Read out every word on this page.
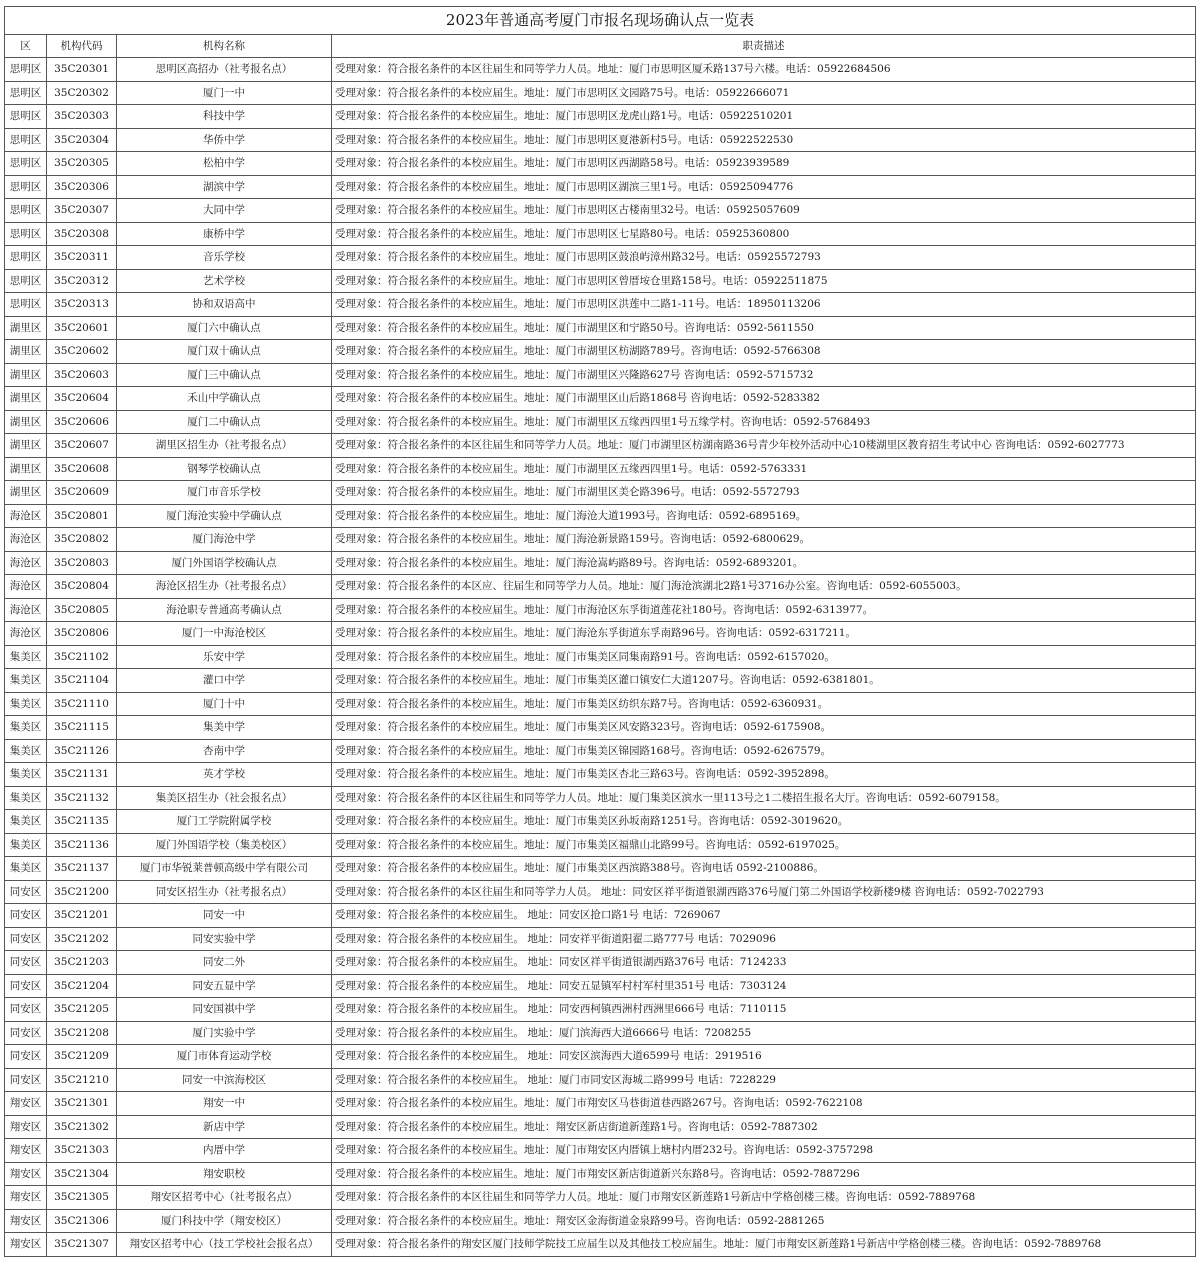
2023年普通高考厦门市报名现场确认点一览表			
区	机构代码	机构名称	职责描述
思明区	35C20301	思明区高招办（社考报名点）	受理对象：符合报名条件的本区往届生和同等学力人员。地址：厦门市思明区厦禾路137号六楼。电话：05922684506
思明区	35C20302	厦门一中	受理对象：符合报名条件的本校应届生。地址：厦门市思明区文园路75号。电话：05922666071
思明区	35C20303	科技中学	受理对象：符合报名条件的本校应届生。地址：厦门市思明区龙虎山路1号。电话：05922510201
思明区	35C20304	华侨中学	受理对象：符合报名条件的本校应届生。地址：厦门市思明区夏港新村5号。电话：05922522530
思明区	35C20305	松柏中学	受理对象：符合报名条件的本校应届生。地址：厦门市思明区西湖路58号。电话：05923939589
思明区	35C20306	湖滨中学	受理对象：符合报名条件的本校应届生。地址：厦门市思明区湖滨三里1号。电话：05925094776
思明区	35C20307	大同中学	受理对象：符合报名条件的本校应届生。地址：厦门市思明区古楼南里32号。电话：05925057609
思明区	35C20308	康桥中学	受理对象：符合报名条件的本校应届生。地址：厦门市思明区七星路80号。电话：05925360800
思明区	35C20311	音乐学校	受理对象：符合报名条件的本校应届生。地址：厦门市思明区鼓浪屿漳州路32号。电话：05925572793
思明区	35C20312	艺术学校	受理对象：符合报名条件的本校应届生。地址：厦门市思明区曾厝垵仓里路158号。电话：05922511875
思明区	35C20313	协和双语高中	受理对象：符合报名条件的本校应届生。地址：厦门市思明区洪莲中二路1-11号。电话：18950113206
湖里区	35C20601	厦门六中确认点	受理对象：符合报名条件的本校应届生。地址：厦门市湖里区和宁路50号。咨询电话：0592-5611550
湖里区	35C20602	厦门双十确认点	受理对象：符合报名条件的本校应届生。地址：厦门市湖里区枋湖路789号。咨询电话：0592-5766308
湖里区	35C20603	厦门三中确认点	受理对象：符合报名条件的本校应届生。地址：厦门市湖里区兴隆路627号 咨询电话：0592-5715732
湖里区	35C20604	禾山中学确认点	受理对象：符合报名条件的本校应届生。地址：厦门市湖里区山后路1868号 咨询电话：0592-5283382
湖里区	35C20606	厦门二中确认点	受理对象：符合报名条件的本校应届生。地址：厦门市湖里区五缘西四里1号五缘学村。咨询电话：0592-5768493
湖里区	35C20607	湖里区招生办（社考报名点）	受理对象：符合报名条件的本区往届生和同等学力人员。地址：厦门市湖里区枋湖南路36号青少年校外活动中心10楼湖里区教育招生考试中心 咨询电话：0592-6027773
湖里区	35C20608	钢琴学校确认点	受理对象：符合报名条件的本校应届生。地址：厦门市湖里区五缘西四里1号。电话：0592-5763331
湖里区	35C20609	厦门市音乐学校	受理对象：符合报名条件的本校应届生。地址：厦门市湖里区美仑路396号。电话：0592-5572793
海沧区	35C20801	厦门海沧实验中学确认点	受理对象：符合报名条件的本校应届生。地址：厦门海沧大道1993号。咨询电话：0592-6895169。
海沧区	35C20802	厦门海沧中学	受理对象：符合报名条件的本校应届生。地址：厦门海沧新景路159号。咨询电话：0592-6800629。
海沧区	35C20803	厦门外国语学校确认点	受理对象：符合报名条件的本校应届生。地址：厦门海沧嵩屿路89号。咨询电话：0592-6893201。
海沧区	35C20804	海沧区招生办（社考报名点）	受理对象：符合报名条件的本区应、往届生和同等学力人员。地址：厦门海沧滨湖北2路1号3716办公室。咨询电话：0592-6055003。
海沧区	35C20805	海沧职专普通高考确认点	受理对象：符合报名条件的本校应届生。地址：厦门市海沧区东孚街道莲花社180号。咨询电话：0592-6313977。
海沧区	35C20806	厦门一中海沧校区	受理对象：符合报名条件的本校应届生。地址：厦门海沧东孚街道东孚南路96号。咨询电话：0592-6317211。
集美区	35C21102	乐安中学	受理对象：符合报名条件的本校应届生。地址：厦门市集美区同集南路91号。咨询电话：0592-6157020。
集美区	35C21104	灌口中学	受理对象：符合报名条件的本校应届生。地址：厦门市集美区灌口镇安仁大道1207号。咨询电话：0592-6381801。
集美区	35C21110	厦门十中	受理对象：符合报名条件的本校应届生。地址：厦门市集美区纺织东路7号。咨询电话：0592-6360931。
集美区	35C21115	集美中学	受理对象：符合报名条件的本校应届生。地址：厦门市集美区风安路323号。咨询电话：0592-6175908。
集美区	35C21126	杏南中学	受理对象：符合报名条件的本校应届生。地址：厦门市集美区锦园路168号。咨询电话：0592-6267579。
集美区	35C21131	英才学校	受理对象：符合报名条件的本校应届生。地址：厦门市集美区杏北三路63号。咨询电话：0592-3952898。
集美区	35C21132	集美区招生办（社会报名点）	受理对象：符合报名条件的本区往届生和同等学力人员。地址：厦门集美区滨水一里113号之1二楼招生报名大厅。咨询电话：0592-6079158。
集美区	35C21135	厦门工学院附属学校	受理对象：符合报名条件的本校应届生。地址：厦门市集美区孙坂南路1251号。咨询电话：0592-3019620。
集美区	35C21136	厦门外国语学校（集美校区）	受理对象：符合报名条件的本校应届生。地址：厦门市集美区福鼎山北路99号。咨询电话：0592-6197025。
集美区	35C21137	厦门市华锐莱普顿高级中学有限公司	受理对象：符合报名条件的本校应届生。地址：厦门市集美区西滨路388号。咨询电话 0592-2100886。
同安区	35C21200	同安区招生办（社考报名点）	受理对象：符合报名条件的本区往届生和同等学力人员。 地址：同安区祥平街道银湖西路376号厦门第二外国语学校新楼9楼 咨询电话：0592-7022793
同安区	35C21201	同安一中	受理对象：符合报名条件的本校应届生。 地址：同安区抢口路1号 电话：7269067
同安区	35C21202	同安实验中学	受理对象：符合报名条件的本校应届生。 地址：同安祥平街道阳翟二路777号 电话：7029096
同安区	35C21203	同安二外	受理对象：符合报名条件的本校应届生。 地址：同安区祥平街道银湖西路376号 电话：7124233
同安区	35C21204	同安五显中学	受理对象：符合报名条件的本校应届生。 地址：同安五显镇军村村军村里351号 电话：7303124
同安区	35C21205	同安国祺中学	受理对象：符合报名条件的本校应届生。 地址：同安西柯镇西洲村西洲里666号 电话：7110115
同安区	35C21208	厦门实验中学	受理对象：符合报名条件的本校应届生。 地址：厦门滨海西大道6666号 电话：7208255
同安区	35C21209	厦门市体育运动学校	受理对象：符合报名条件的本校应届生。 地址：同安区滨海西大道6599号 电话：2919516
同安区	35C21210	同安一中滨海校区	受理对象：符合报名条件的本校应届生。 地址：厦门市同安区海城二路999号 电话：7228229
翔安区	35C21301	翔安一中	受理对象：符合报名条件的本校应届生。地址：厦门市翔安区马巷街道巷西路267号。咨询电话：0592-7622108
翔安区	35C21302	新店中学	受理对象：符合报名条件的本校应届生。地址：翔安区新店街道新莲路1号。咨询电话：0592-7887302
翔安区	35C21303	内厝中学	受理对象：符合报名条件的本校应届生。地址：厦门市翔安区内厝镇上塘村内厝232号。咨询电话：0592-3757298
翔安区	35C21304	翔安职校	受理对象：符合报名条件的本校应届生。地址：厦门市翔安区新店街道新兴东路8号。咨询电话：0592-7887296
翔安区	35C21305	翔安区招考中心（社考报名点）	受理对象：符合报名条件的本区往届生和同等学力人员。地址：厦门市翔安区新莲路1号新店中学格创楼三楼。咨询电话：0592-7889768
翔安区	35C21306	厦门科技中学（翔安校区）	受理对象：符合报名条件的本校应届生。地址：翔安区金海街道金泉路99号。咨询电话：0592-2881265
翔安区	35C21307	翔安区招考中心（技工学校社会报名点）	受理对象：符合报名条件的翔安区厦门技师学院技工应届生以及其他技工校应届生。地址：厦门市翔安区新莲路1号新店中学格创楼三楼。咨询电话：0592-7889768
